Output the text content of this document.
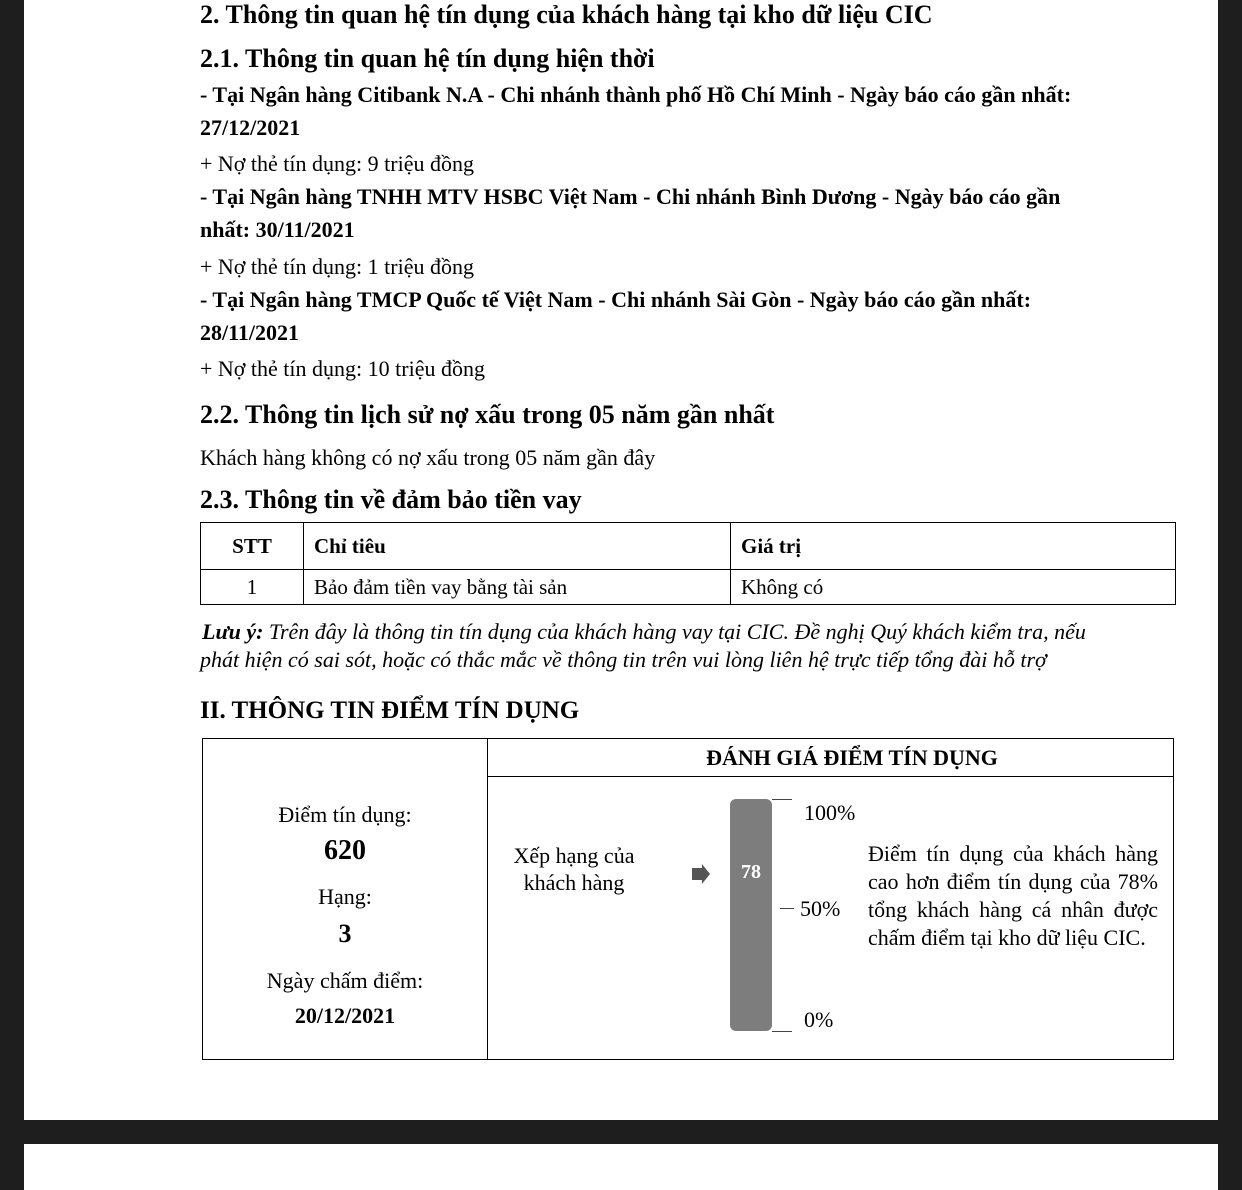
2. Thông tin quan hệ tín dụng của khách hàng tại kho dữ liệu CIC
2.1. Thông tin quan hệ tín dụng hiện thời
- Tại Ngân hàng Citibank N.A - Chi nhánh thành phố Hồ Chí Minh - Ngày báo cáo gần nhất:
27/12/2021
+ Nợ thẻ tín dụng: 9 triệu đồng
- Tại Ngân hàng TNHH MTV HSBC Việt Nam - Chi nhánh Bình Dương - Ngày báo cáo gần
nhất: 30/11/2021
+ Nợ thẻ tín dụng: 1 triệu đồng
- Tại Ngân hàng TMCP Quốc tế Việt Nam - Chi nhánh Sài Gòn - Ngày báo cáo gần nhất:
28/11/2021
+ Nợ thẻ tín dụng: 10 triệu đồng
2.2. Thông tin lịch sử nợ xấu trong 05 năm gần nhất
Khách hàng không có nợ xấu trong 05 năm gần đây
2.3. Thông tin về đảm bảo tiền vay
STT	Chỉ tiêu	Giá trị
1	Bảo đảm tiền vay bằng tài sản	Không có
Lưu ý: Trên đây là thông tin tín dụng của khách hàng vay tại CIC. Đề nghị Quý khách kiểm tra, nếu
phát hiện có sai sót, hoặc có thắc mắc về thông tin trên vui lòng liên hệ trực tiếp tổng đài hỗ trợ
II. THÔNG TIN ĐIỂM TÍN DỤNG
ĐÁNH GIÁ ĐIỂM TÍN DỤNG
Điểm tín dụng:
620
Hạng:
3
Ngày chấm điểm:
20/12/2021
Xếp hạng của
khách hàng	78
100%
50%
0%
Điểm tín dụng của khách hàng cao hơn điểm tín dụng của 78% tổng khách hàng cá nhân được chấm điểm tại kho dữ liệu CIC.
